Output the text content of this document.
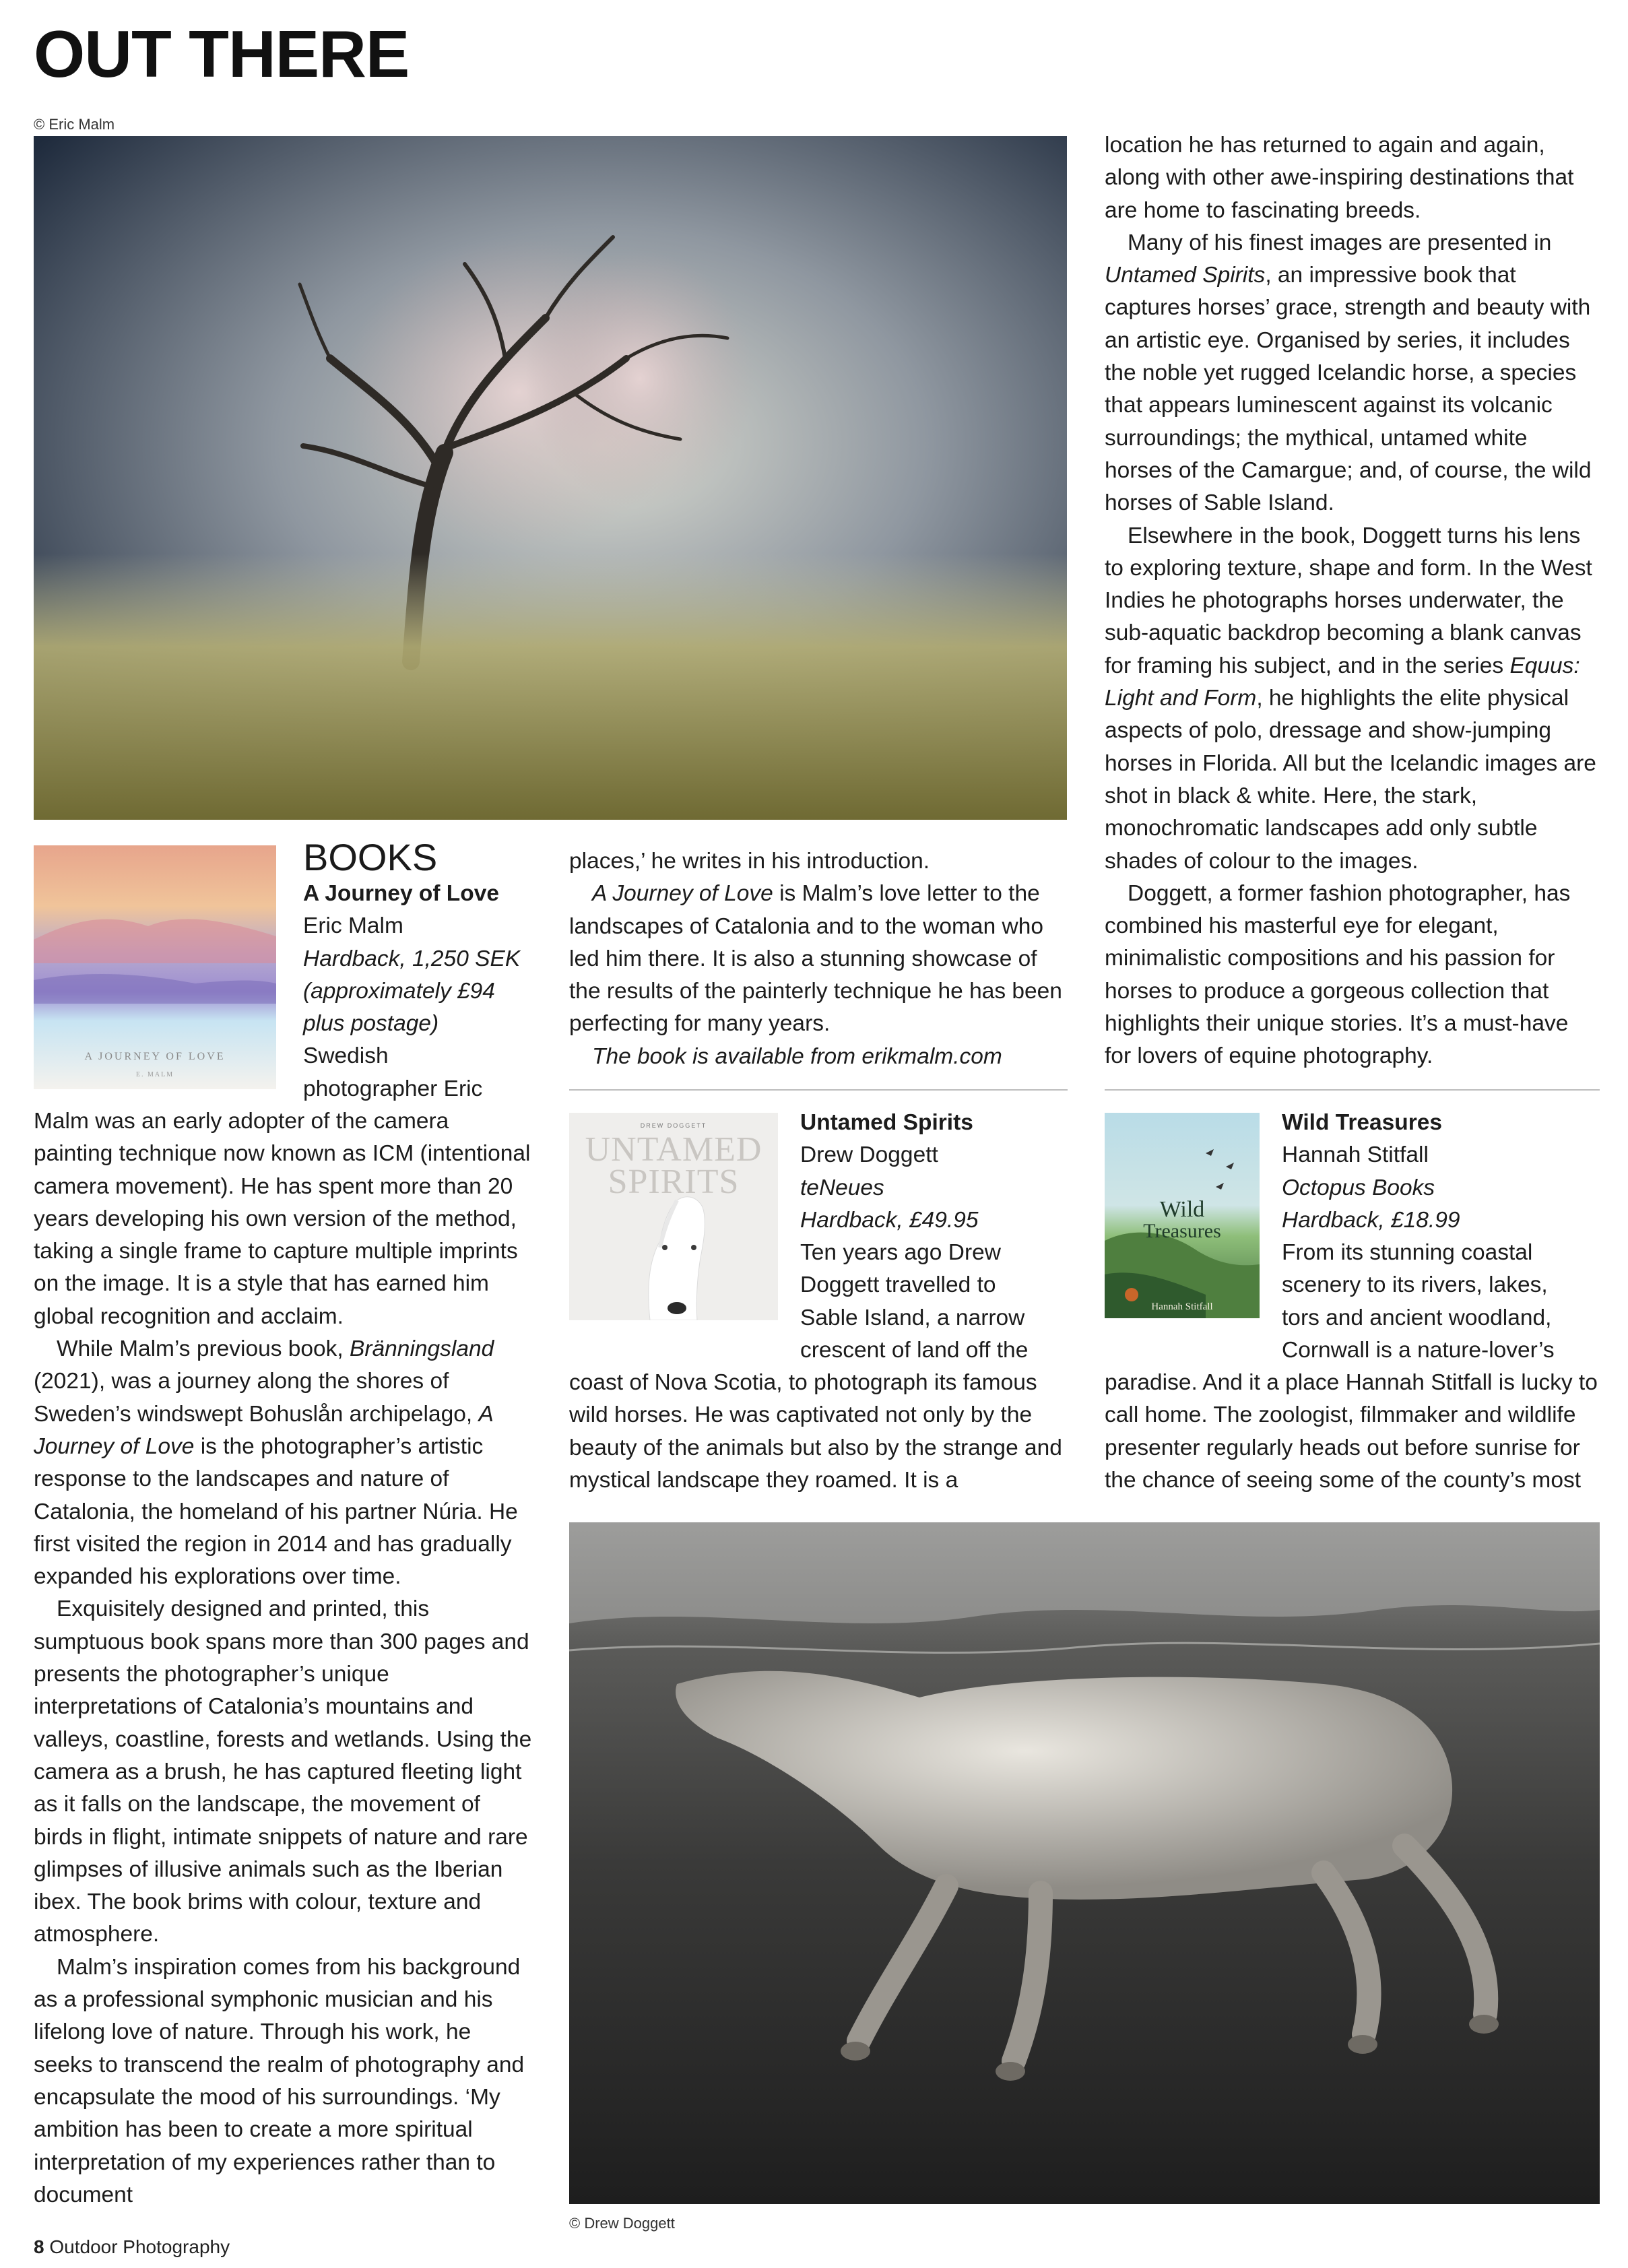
OUT THERE
© Eric Malm
A JOURNEY OF LOVE
E. MALM
BOOKS
A Journey of Love
Eric Malm
Hardback, 1,250 SEK
(approximately £94
plus postage)
Swedish
photographer Eric

Malm was an early adopter of the camera painting technique now known as ICM (intentional camera movement). He has spent more than 20 years developing his own version of the method, taking a single frame to capture multiple imprints on the image. It is a style that has earned him global recognition and acclaim.

While Malm’s previous book, Bränningsland (2021), was a journey along the shores of Sweden’s windswept Bohuslån archipelago, A Journey of Love is the photographer’s artistic response to the landscapes and nature of Catalonia, the homeland of his partner Núria. He first visited the region in 2014 and has gradually expanded his explorations over time.

Exquisitely designed and printed, this sumptuous book spans more than 300 pages and presents the photographer’s unique interpretations of Catalonia’s mountains and valleys, coastline, forests and wetlands. Using the camera as a brush, he has captured fleeting light as it falls on the landscape, the movement of birds in flight, intimate snippets of nature and rare glimpses of illusive animals such as the Iberian ibex. The book brims with colour, texture and atmosphere.

Malm’s inspiration comes from his background as a professional symphonic musician and his lifelong love of nature. Through his work, he seeks to transcend the realm of photography and encapsulate the mood of his surroundings. ‘My ambition has been to create a more spiritual interpretation of my experiences rather than to document

places,’ he writes in his introduction.

A Journey of Love is Malm’s love letter to the landscapes of Catalonia and to the woman who led him there. It is also a stunning showcase of the results of the painterly technique he has been perfecting for many years.

The book is available from erikmalm.com

DREW DOGGETT
UNTAMED
SPIRITS
Untamed Spirits
Drew Doggett
teNeues
Hardback, £49.95
Ten years ago Drew
Doggett travelled to
Sable Island, a narrow
crescent of land off the

coast of Nova Scotia, to photograph its famous wild horses. He was captivated not only by the beauty of the animals but also by the strange and mystical landscape they roamed. It is a

location he has returned to again and again, along with other awe-inspiring destinations that are home to fascinating breeds.

Many of his finest images are presented in Untamed Spirits, an impressive book that captures horses’ grace, strength and beauty with an artistic eye. Organised by series, it includes the noble yet rugged Icelandic horse, a species that appears luminescent against its volcanic surroundings; the mythical, untamed white horses of the Camargue; and, of course, the wild horses of Sable Island.

Elsewhere in the book, Doggett turns his lens to exploring texture, shape and form. In the West Indies he photographs horses underwater, the sub-aquatic backdrop becoming a blank canvas for framing his subject, and in the series Equus: Light and Form, he highlights the elite physical aspects of polo, dressage and show-jumping horses in Florida. All but the Icelandic images are shot in black & white. Here, the stark, monochromatic landscapes add only subtle shades of colour to the images.

Doggett, a former fashion photographer, has combined his masterful eye for elegant, minimalistic compositions and his passion for horses to produce a gorgeous collection that highlights their unique stories. It’s a must-have for lovers of equine photography.

Wild
Treasures
Hannah Stitfall
Wild Treasures
Hannah Stitfall
Octopus Books
Hardback, £18.99
From its stunning coastal
scenery to its rivers, lakes,
tors and ancient woodland,
Cornwall is a nature-lover’s

paradise. And it a place Hannah Stitfall is lucky to call home. The zoologist, filmmaker and wildlife presenter regularly heads out before sunrise for the chance of seeing some of the county’s most

© Drew Doggett
8 Outdoor Photography
